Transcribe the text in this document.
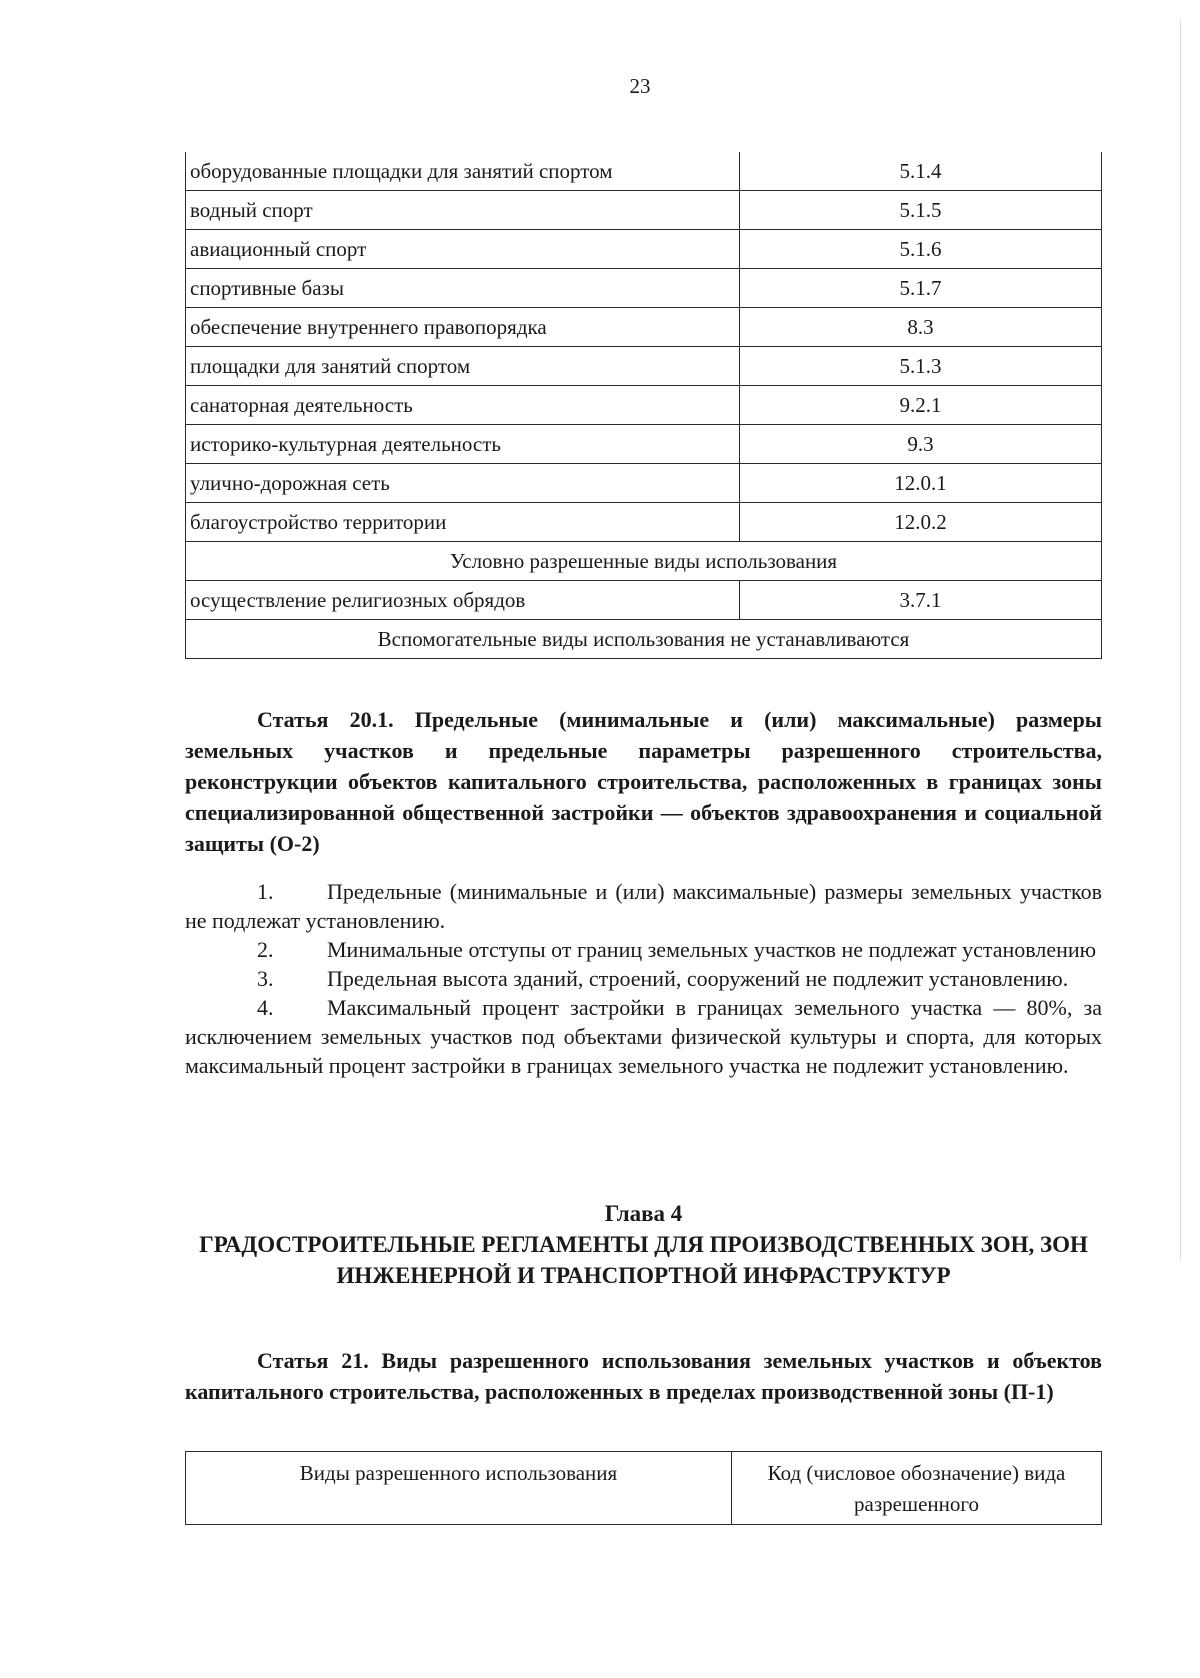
23
оборудованные площадки для занятий спортом	5.1.4
водный спорт	5.1.5
авиационный спорт	5.1.6
спортивные базы	5.1.7
обеспечение внутреннего правопорядка	8.3
площадки для занятий спортом	5.1.3
санаторная деятельность	9.2.1
историко-культурная деятельность	9.3
улично-дорожная сеть	12.0.1
благоустройство территории	12.0.2
Условно разрешенные виды использования	
осуществление религиозных обрядов	3.7.1
Вспомогательные виды использования не устанавливаются	
Статья 20.1. Предельные (минимальные и (или) максимальные) размеры земельных участков и предельные параметры разрешенного строительства, реконструкции объектов капитального строительства, расположенных в границах зоны специализированной общественной застройки — объектов здравоохранения и социальной защиты (О-2)

1. Предельные (минимальные и (или) максимальные) размеры земельных участков не подлежат установлению.

2. Минимальные отступы от границ земельных участков не подлежат установлению

3. Предельная высота зданий, строений, сооружений не подлежит установлению.

4. Максимальный процент застройки в границах земельного участка — 80%, за исключением земельных участков под объектами физической культуры и спорта, для которых максимальный процент застройки в границах земельного участка не подлежит установлению.

Глава 4
ГРАДОСТРОИТЕЛЬНЫЕ РЕГЛАМЕНТЫ ДЛЯ ПРОИЗВОДСТВЕННЫХ ЗОН, ЗОН ИНЖЕНЕРНОЙ И ТРАНСПОРТНОЙ ИНФРАСТРУКТУР
Статья 21. Виды разрешенного использования земельных участков и объектов капитального строительства, расположенных в пределах производственной зоны (П-1)
Виды разрешенного использования	Код (числовое обозначение) вида разрешенного
